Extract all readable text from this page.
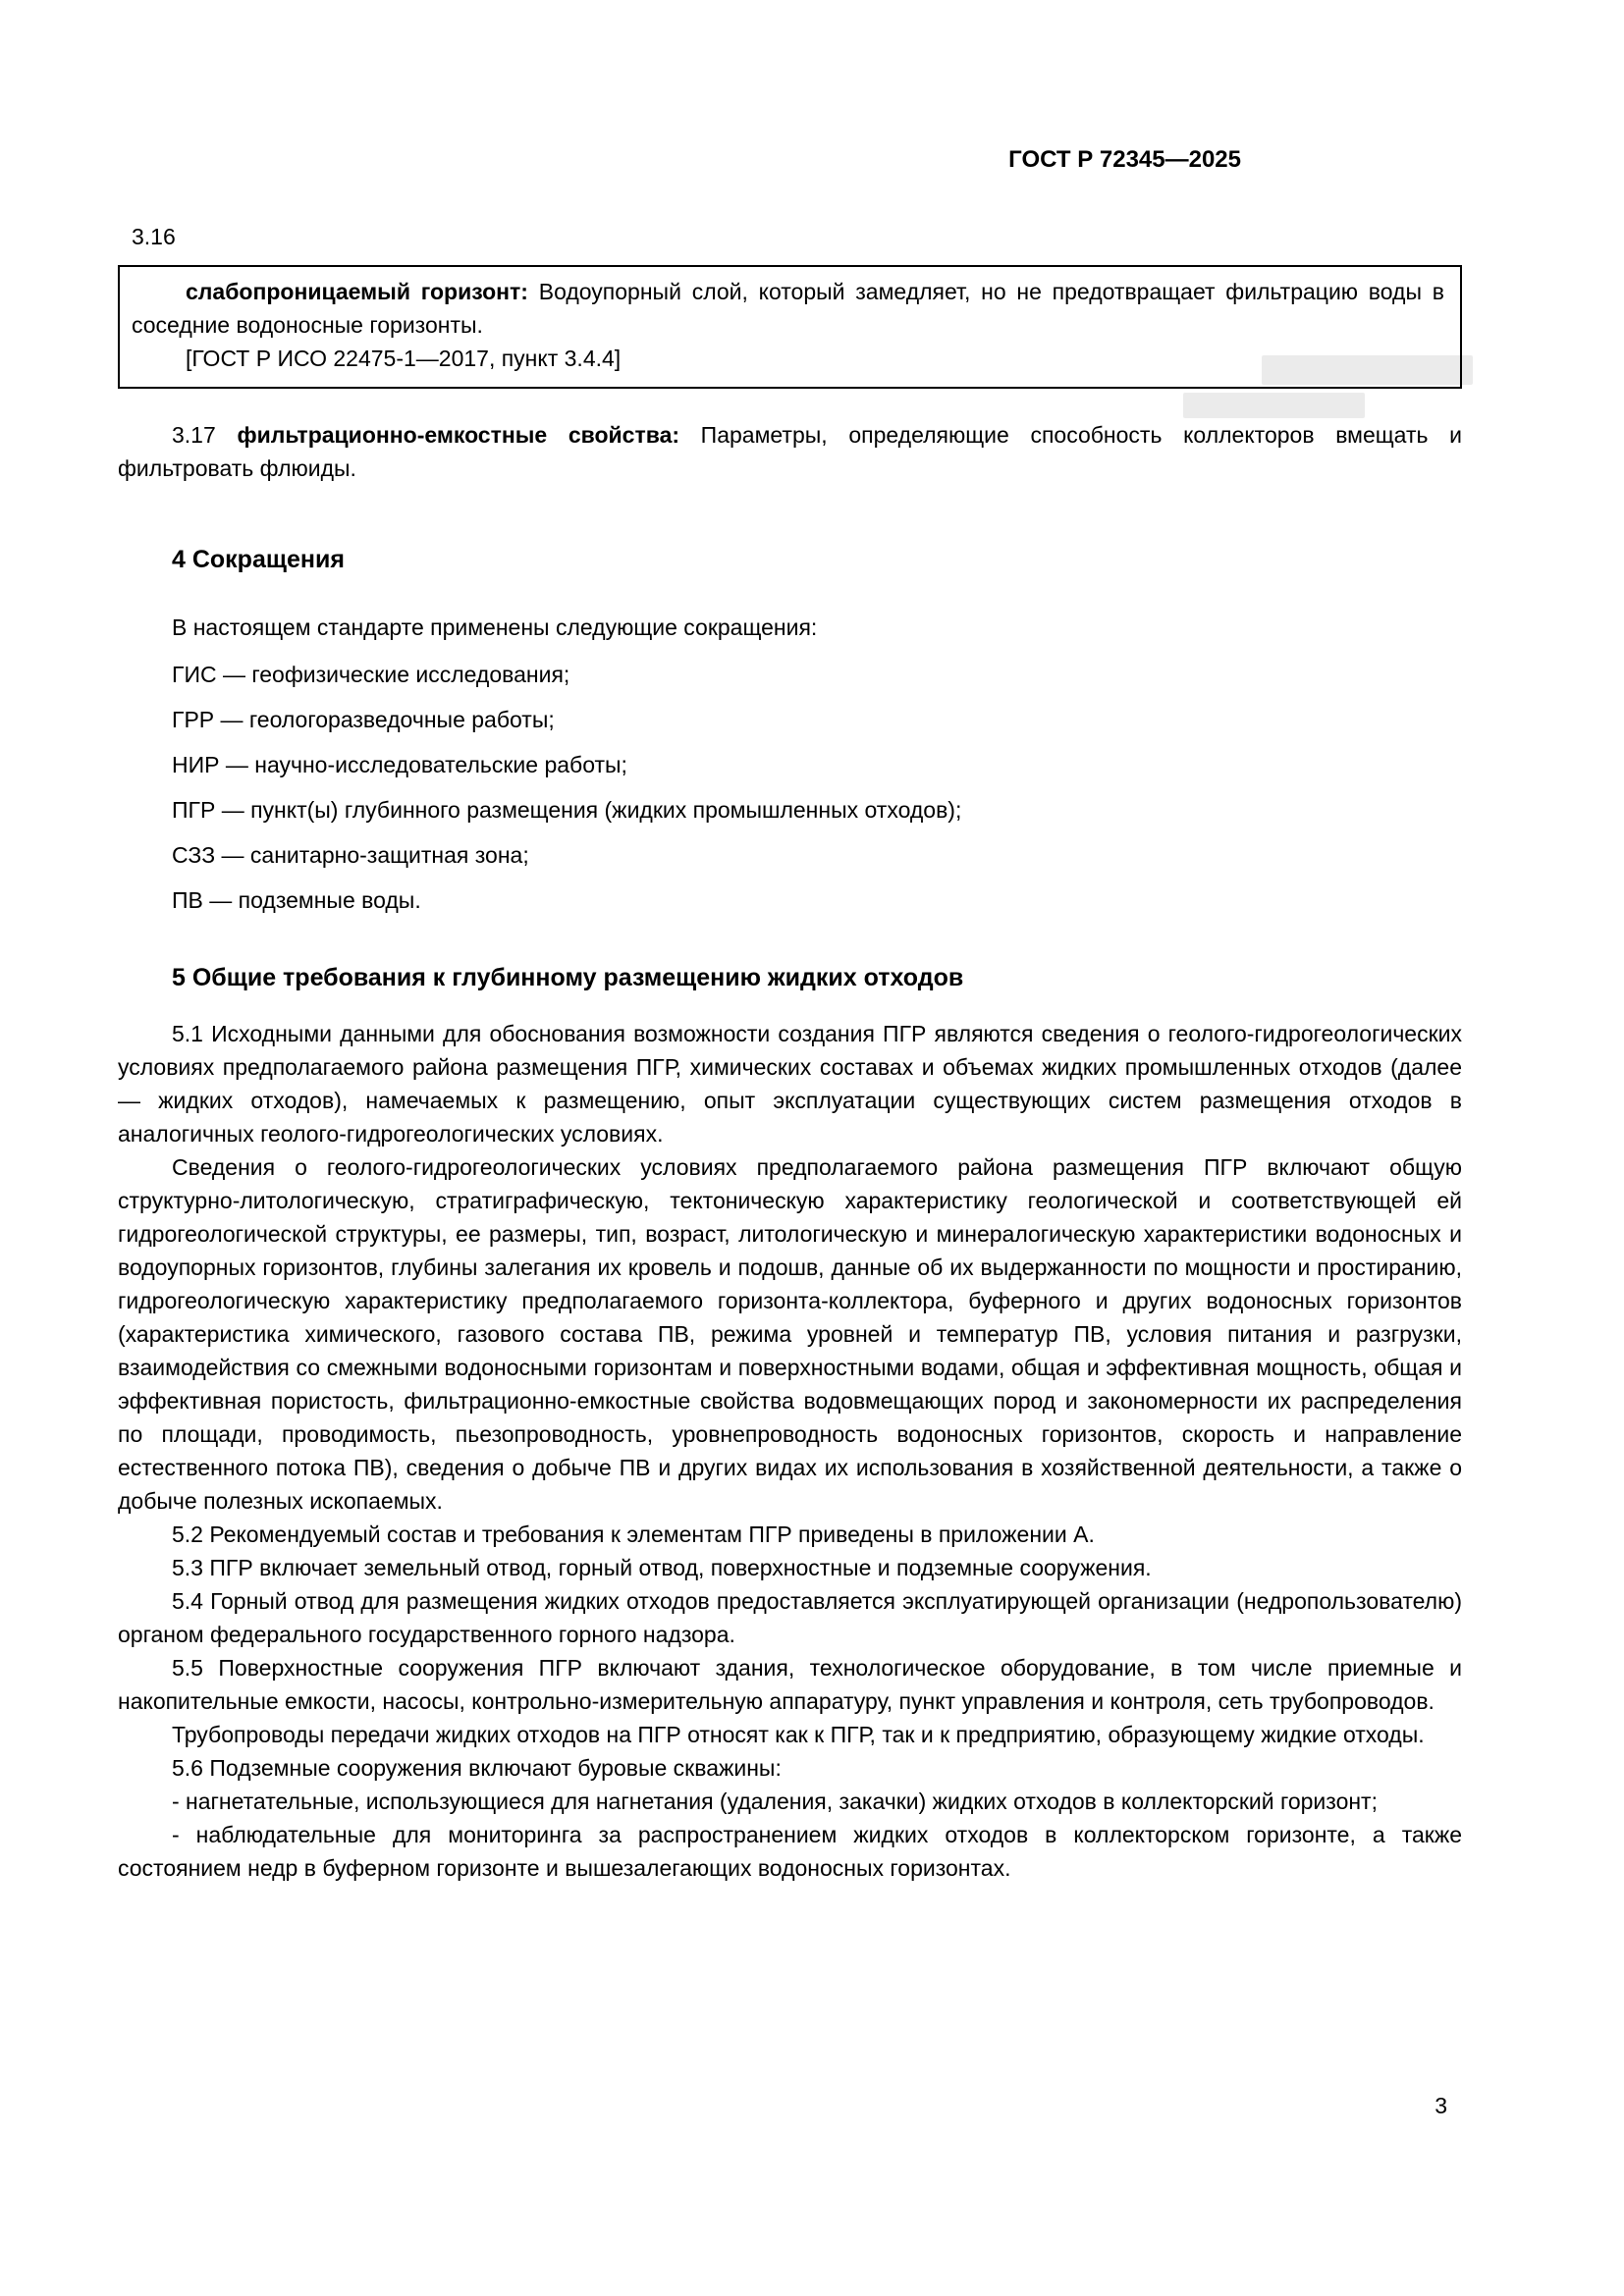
ГОСТ Р 72345—2025
3.16

слабопроницаемый горизонт: Водоупорный слой, который замедляет, но не предотвращает фильтрацию воды в соседние водоносные горизонты.

[ГОСТ Р ИСО 22475-1—2017, пункт 3.4.4]

3.17 фильтрационно-емкостные свойства: Параметры, определяющие способность коллекторов вмещать и фильтровать флюиды.

4 Сокращения

В настоящем стандарте применены следующие сокращения:

ГИС — геофизические исследования;

ГРР — геологоразведочные работы;

НИР — научно-исследовательские работы;

ПГР — пункт(ы) глубинного размещения (жидких промышленных отходов);

СЗЗ — санитарно-защитная зона;

ПВ — подземные воды.

5 Общие требования к глубинному размещению жидких отходов

5.1 Исходными данными для обоснования возможности создания ПГР являются сведения о геолого-гидрогеологических условиях предполагаемого района размещения ПГР, химических составах и объемах жидких промышленных отходов (далее — жидких отходов), намечаемых к размещению, опыт эксплуатации существующих систем размещения отходов в аналогичных геолого-гидрогеологических условиях.

Сведения о геолого-гидрогеологических условиях предполагаемого района размещения ПГР включают общую структурно-литологическую, стратиграфическую, тектоническую характеристику геологической и соответствующей ей гидрогеологической структуры, ее размеры, тип, возраст, литологическую и минералогическую характеристики водоносных и водоупорных горизонтов, глубины залегания их кровель и подошв, данные об их выдержанности по мощности и простиранию, гидрогеологическую характеристику предполагаемого горизонта-коллектора, буферного и других водоносных горизонтов (характеристика химического, газового состава ПВ, режима уровней и температур ПВ, условия питания и разгрузки, взаимодействия со смежными водоносными горизонтам и поверхностными водами, общая и эффективная мощность, общая и эффективная пористость, фильтрационно-емкостные свойства водовмещающих пород и закономерности их распределения по площади, проводимость, пьезопроводность, уровнепроводность водоносных горизонтов, скорость и направление естественного потока ПВ), сведения о добыче ПВ и других видах их использования в хозяйственной деятельности, а также о добыче полезных ископаемых.

5.2 Рекомендуемый состав и требования к элементам ПГР приведены в приложении А.

5.3 ПГР включает земельный отвод, горный отвод, поверхностные и подземные сооружения.

5.4 Горный отвод для размещения жидких отходов предоставляется эксплуатирующей организации (недропользователю) органом федерального государственного горного надзора.

5.5 Поверхностные сооружения ПГР включают здания, технологическое оборудование, в том числе приемные и накопительные емкости, насосы, контрольно-измерительную аппаратуру, пункт управления и контроля, сеть трубопроводов.

Трубопроводы передачи жидких отходов на ПГР относят как к ПГР, так и к предприятию, образующему жидкие отходы.

5.6 Подземные сооружения включают буровые скважины:

- нагнетательные, использующиеся для нагнетания (удаления, закачки) жидких отходов в коллекторский горизонт;

- наблюдательные для мониторинга за распространением жидких отходов в коллекторском горизонте, а также состоянием недр в буферном горизонте и вышезалегающих водоносных горизонтах.

3
